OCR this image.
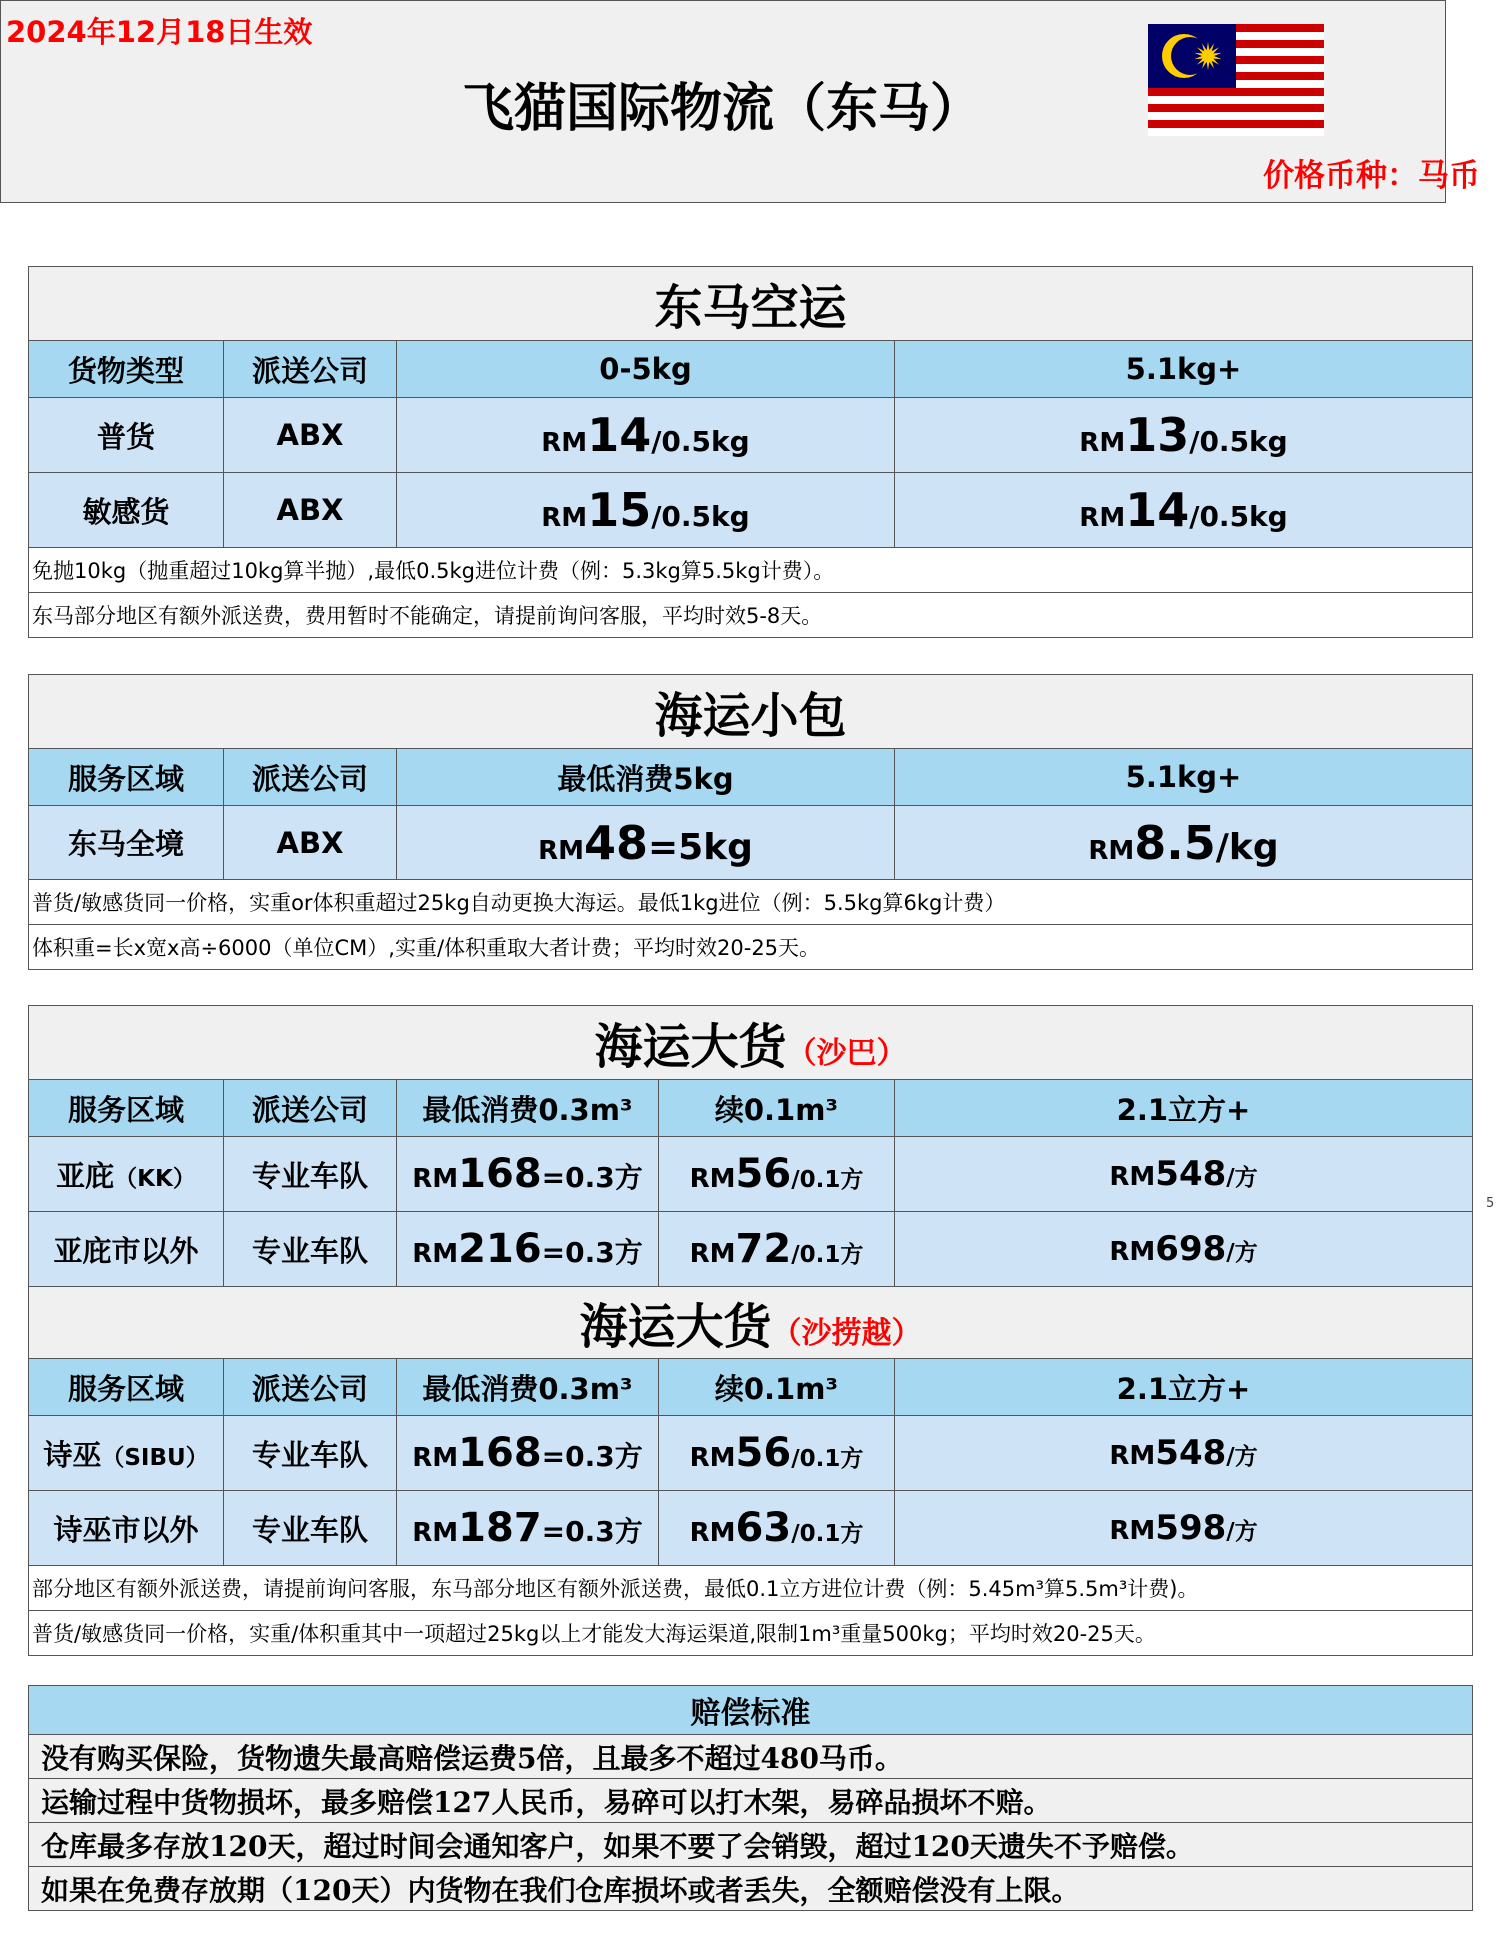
2024年12月18日生效
飞猫国际物流（东马）
价格币种：马币
东马空运			
货物类型	派送公司	0-5kg	5.1kg+
普货	ABX	RM14/0.5kg	RM13/0.5kg
敏感货	ABX	RM15/0.5kg	RM14/0.5kg
免抛10kg（抛重超过10kg算半抛）,最低0.5kg进位计费（例：5.3kg算5.5kg计费）。			
东马部分地区有额外派送费，费用暂时不能确定，请提前询问客服，平均时效5-8天。			
海运小包			
服务区域	派送公司	最低消费5kg	5.1kg+
东马全境	ABX	RM48=5kg	RM8.5/kg
普货/敏感货同一价格，实重or体积重超过25kg自动更换大海运。最低1kg进位（例：5.5kg算6kg计费）			
体积重=长x宽x高÷6000（单位CM）,实重/体积重取大者计费；平均时效20-25天。			
海运大货（沙巴）				
服务区域	派送公司	最低消费0.3m³	续0.1m³	2.1立方+
亚庇（KK）	专业车队	RM168=0.3方	RM56/0.1方	RM548/方
亚庇市以外	专业车队	RM216=0.3方	RM72/0.1方	RM698/方
海运大货（沙捞越）				
服务区域	派送公司	最低消费0.3m³	续0.1m³	2.1立方+
诗巫（SIBU）	专业车队	RM168=0.3方	RM56/0.1方	RM548/方
诗巫市以外	专业车队	RM187=0.3方	RM63/0.1方	RM598/方
部分地区有额外派送费，请提前询问客服，东马部分地区有额外派送费，最低0.1立方进位计费（例：5.45m³算5.5m³计费)。				
普货/敏感货同一价格，实重/体积重其中一项超过25kg以上才能发大海运渠道,限制1m³重量500kg；平均时效20-25天。				
赔偿标准
没有购买保险，货物遗失最高赔偿运费5倍，且最多不超过480马币。
运输过程中货物损坏，最多赔偿127人民币，易碎可以打木架，易碎品损坏不赔。
仓库最多存放120天，超过时间会通知客户，如果不要了会销毁，超过120天遗失不予赔偿。
如果在免费存放期（120天）内货物在我们仓库损坏或者丢失，全额赔偿没有上限。
5
